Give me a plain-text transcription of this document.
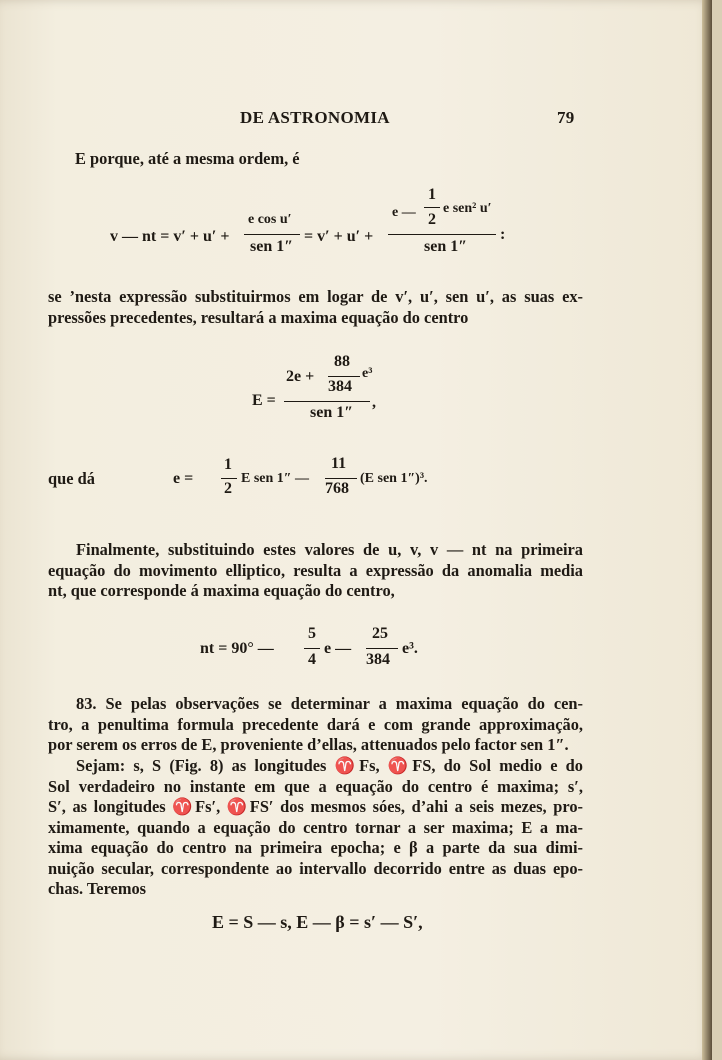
DE ASTRONOMIA	79
E porque, até a mesma ordem, é
v — nt = v′ + u′ +
e cos u′
sen 1″
= v′ + u′ +
e —
1
2
e sen² u′
sen 1″
:
se ’nesta expressão substituirmos em logar de v′, u′, sen u′, as suas ex-
pressões precedentes, resultará a maxima equação do centro
E =
2e +
88
384
e³
sen 1″
,
que dá	e =
1
2
E sen 1″ —
11
768
(E sen 1″)³.
Finalmente, substituindo estes valores de u, v, v — nt na primeira
equação do movimento elliptico, resulta a expressão da anomalia media
nt, que corresponde á maxima equação do centro,
nt = 90° —
5
4
e —
25
384
e³.
83. Se pelas observações se determinar a maxima equação do cen-
tro, a penultima formula precedente dará e com grande approximação,
por serem os erros de E, proveniente d’ellas, attenuados pelo factor sen 1″.
Sejam: s, S (Fig. 8) as longitudes ♈Fs, ♈FS, do Sol medio e do
Sol verdadeiro no instante em que a equação do centro é maxima; s′,
S′, as longitudes ♈Fs′, ♈FS′ dos mesmos sóes, d’ahi a seis mezes, pro-
ximamente, quando a equação do centro tornar a ser maxima; E a ma-
xima equação do centro na primeira epocha; e β a parte da sua dimi-
nuição secular, correspondente ao intervallo decorrido entre as duas epo-
chas. Teremos
E = S — s, E — β = s′ — S′,
